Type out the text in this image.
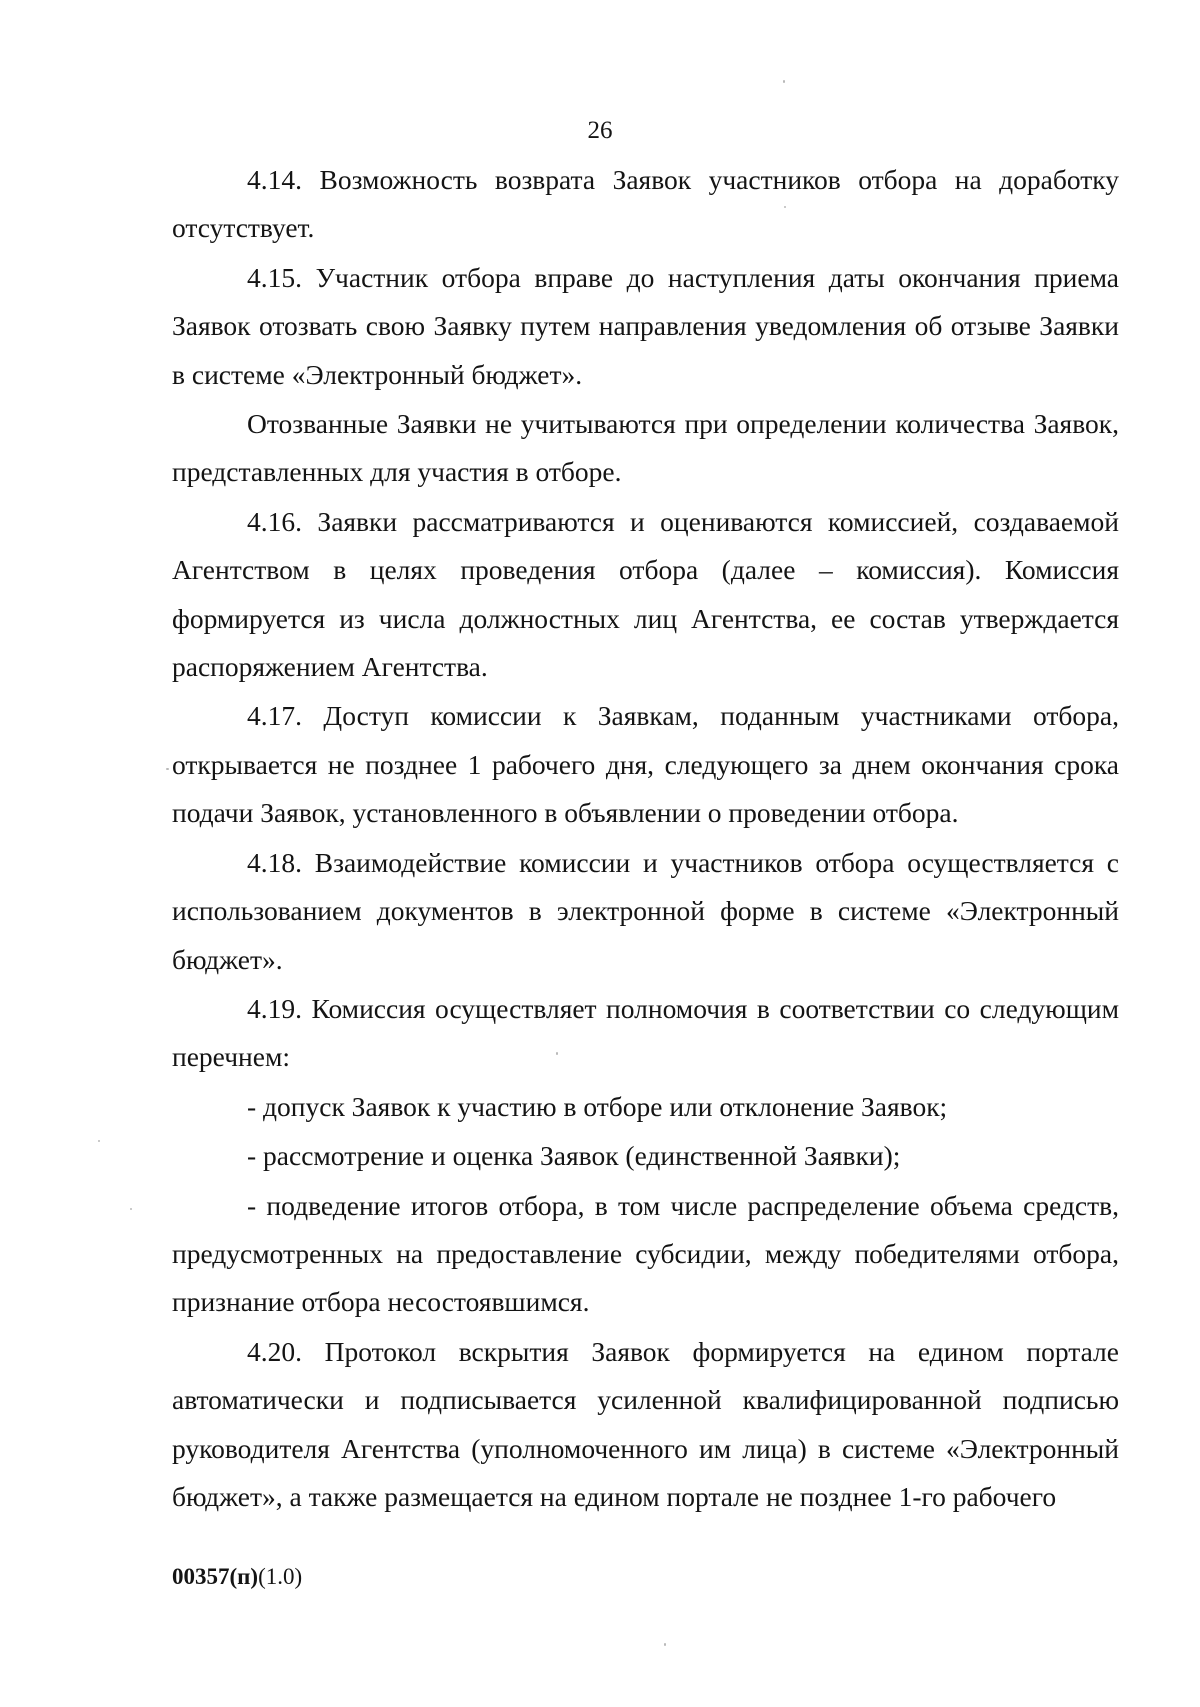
26

4.14. Возможность возврата Заявок участников отбора на доработку отсутствует.

4.15. Участник отбора вправе до наступления даты окончания приема Заявок отозвать свою Заявку путем направления уведомления об отзыве Заявки в системе «Электронный бюджет».

Отозванные Заявки не учитываются при определении количества Заявок, представленных для участия в отборе.

4.16. Заявки рассматриваются и оцениваются комиссией, создаваемой Агентством в целях проведения отбора (далее – комиссия). Комиссия формируется из числа должностных лиц Агентства, ее состав утверждается распоряжением Агентства.

4.17. Доступ комиссии к Заявкам, поданным участниками отбора, открывается не позднее 1 рабочего дня, следующего за днем окончания срока подачи Заявок, установленного в объявлении о проведении отбора.

4.18. Взаимодействие комиссии и участников отбора осуществляется с использованием документов в электронной форме в системе «Электронный бюджет».

4.19. Комиссия осуществляет полномочия в соответствии со следующим перечнем:

- допуск Заявок к участию в отборе или отклонение Заявок;

- рассмотрение и оценка Заявок (единственной Заявки);

- подведение итогов отбора, в том числе распределение объема средств, предусмотренных на предоставление субсидии, между победителями отбора, признание отбора несостоявшимся.

4.20. Протокол вскрытия Заявок формируется на едином портале автоматически и подписывается усиленной квалифицированной подписью руководителя Агентства (уполномоченного им лица) в системе «Электронный бюджет», а также размещается на едином портале не позднее 1-го рабочего

00357(п)(1.0)
